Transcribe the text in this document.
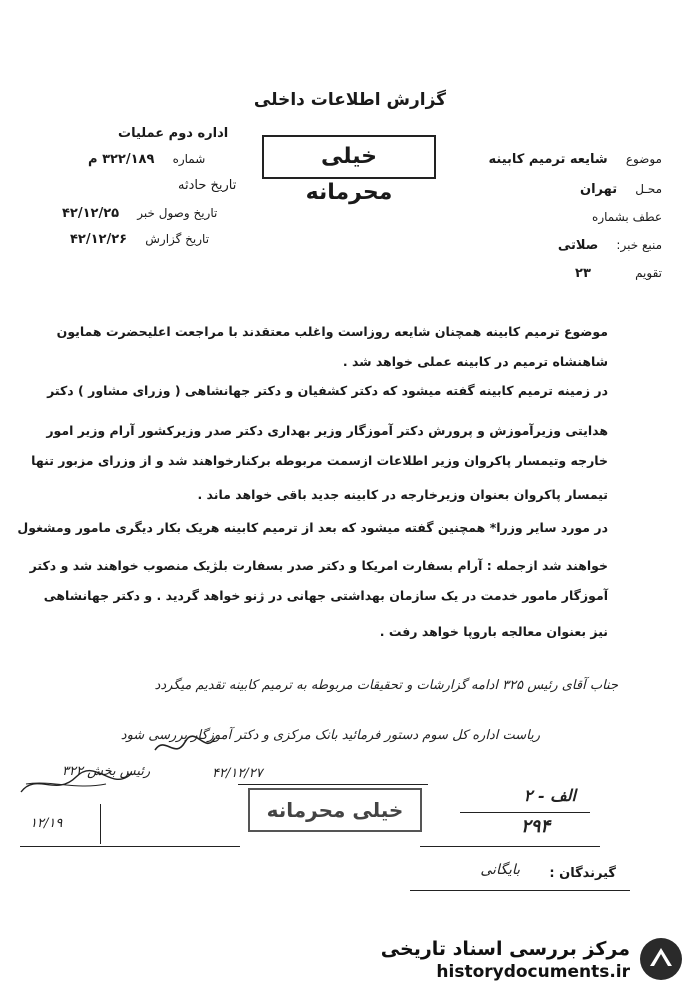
گزارش اطلاعات داخلی
خیلی محرمانه
موضوع شایعه ترمیم کابینه
محـل تهران
عطف بشماره
منبع خبر: صلاتی
تقویم ۲۳
اداره دوم عملیات
شماره ۳۲۲/۱۸۹ م
تاریخ حادثه
تاریخ وصول خبر ۴۲/۱۲/۲۵
تاریخ گزارش ۴۲/۱۲/۲۶
موضوع ترمیم کابینه همچنان شایعه روزاست واغلب معتقدند با مراجعت اعلیحضرت همایون
شاهنشاه ترمیم در کابینه عملی خواهد شد .
در زمینه ترمیم کابینه گفته میشود که دکتر کشفیان و دکتر جهانشاهی ( وزرای مشاور ) دکتر
هدایتی وزیرآموزش و پرورش دکتر آموزگار وزیر بهداری دکتر صدر وزیرکشور آرام وزیر امور
خارجه وتیمسار پاکروان وزیر اطلاعات ازسمت مربوطه برکنارخواهند شد و از وزرای مزبور تنها
تیمسار پاکروان بعنوان وزیرخارجه در کابینه جدید باقی خواهد ماند .
در مورد سایر وزرا* همچنین گفته میشود که بعد از ترمیم کابینه هریک بکار دیگری مامور ومشغول
خواهند شد ازجمله : آرام بسفارت امریکا و دکتر صدر بسفارت بلژیک منصوب خواهند شد و دکتر
آموزگار مامور خدمت در یک سازمان بهداشتی جهانی در ژنو خواهد گردید . و دکتر جهانشاهی
نیز بعنوان معالجه باروپا خواهد رفت .
جناب آقای رئیس ۳۲۵ ادامه گزارشات و تحقیقات مربوطه به ترمیم کابینه تقدیم میگردد
ریاست اداره کل سوم دستور فرمائید بانک مرکزی و دکتر آموزگار بررسی شود
۴۲/۱۲/۲۷
رئیس بخش ۳۲۲
۱۲/۱۹
خیلی محرمانه
الف - ۲
۲۹۴
گیرندگان :
بایگانی
مرکز بررسی اسناد تاریخی
historydocuments.ir
